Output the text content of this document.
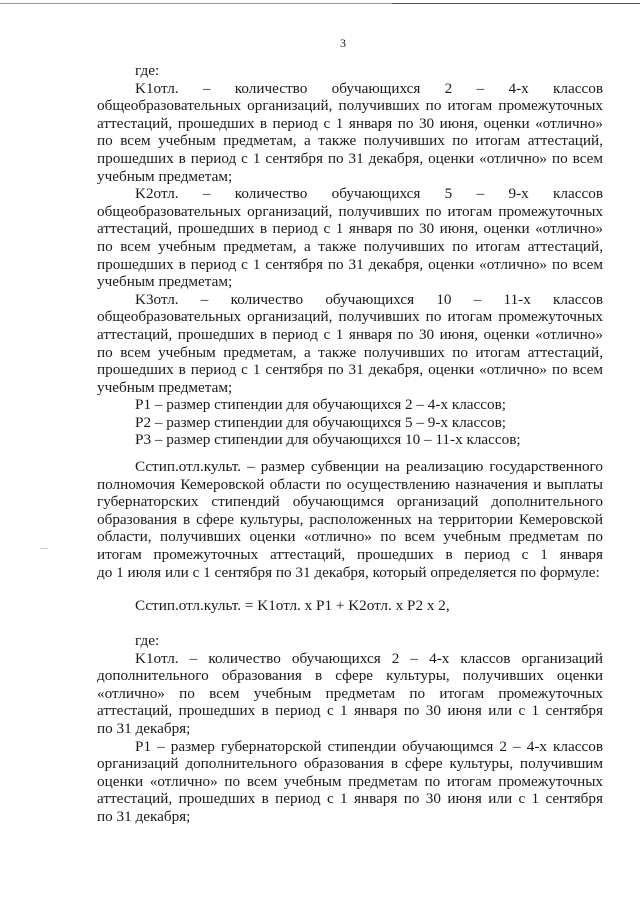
3

где:

K1отл. – количество обучающихся 2 – 4-х классов

общеобразовательных организаций, получивших по итогам промежуточных

аттестаций, прошедших в период с 1 января по 30 июня, оценки «отлично»

по всем учебным предметам, а также получивших по итогам аттестаций,

прошедших в период с 1 сентября по 31 декабря, оценки «отлично» по всем

учебным предметам;

K2отл. – количество обучающихся 5 – 9-х классов

общеобразовательных организаций, получивших по итогам промежуточных

аттестаций, прошедших в период с 1 января по 30 июня, оценки «отлично»

по всем учебным предметам, а также получивших по итогам аттестаций,

прошедших в период с 1 сентября по 31 декабря, оценки «отлично» по всем

учебным предметам;

K3отл. – количество обучающихся 10 – 11-х классов

общеобразовательных организаций, получивших по итогам промежуточных

аттестаций, прошедших в период с 1 января по 30 июня, оценки «отлично»

по всем учебным предметам, а также получивших по итогам аттестаций,

прошедших в период с 1 сентября по 31 декабря, оценки «отлично» по всем

учебным предметам;

P1 – размер стипендии для обучающихся 2 – 4-х классов;

P2 – размер стипендии для обучающихся 5 – 9-х классов;

P3 – размер стипендии для обучающихся 10 – 11-х классов;

Сстип.отл.культ. – размер субвенции на реализацию государственного

полномочия Кемеровской области по осуществлению назначения и выплаты

губернаторских стипендий обучающимся организаций дополнительного

образования в сфере культуры, расположенных на территории Кемеровской

области, получивших оценки «отлично» по всем учебным предметам по

итогам промежуточных аттестаций, прошедших в период с 1 января

до 1 июля или с 1 сентября по 31 декабря, который определяется по формуле:

Сстип.отл.культ. = K1отл. x P1 + K2отл. x P2 x 2,

где:

K1отл. – количество обучающихся 2 – 4-х классов организаций

дополнительного образования в сфере культуры, получивших оценки

«отлично» по всем учебным предметам по итогам промежуточных

аттестаций, прошедших в период с 1 января по 30 июня или с 1 сентября

по 31 декабря;

P1 – размер губернаторской стипендии обучающимся 2 – 4-х классов

организаций дополнительного образования в сфере культуры, получившим

оценки «отлично» по всем учебным предметам по итогам промежуточных

аттестаций, прошедших в период с 1 января по 30 июня или с 1 сентября

по 31 декабря;
